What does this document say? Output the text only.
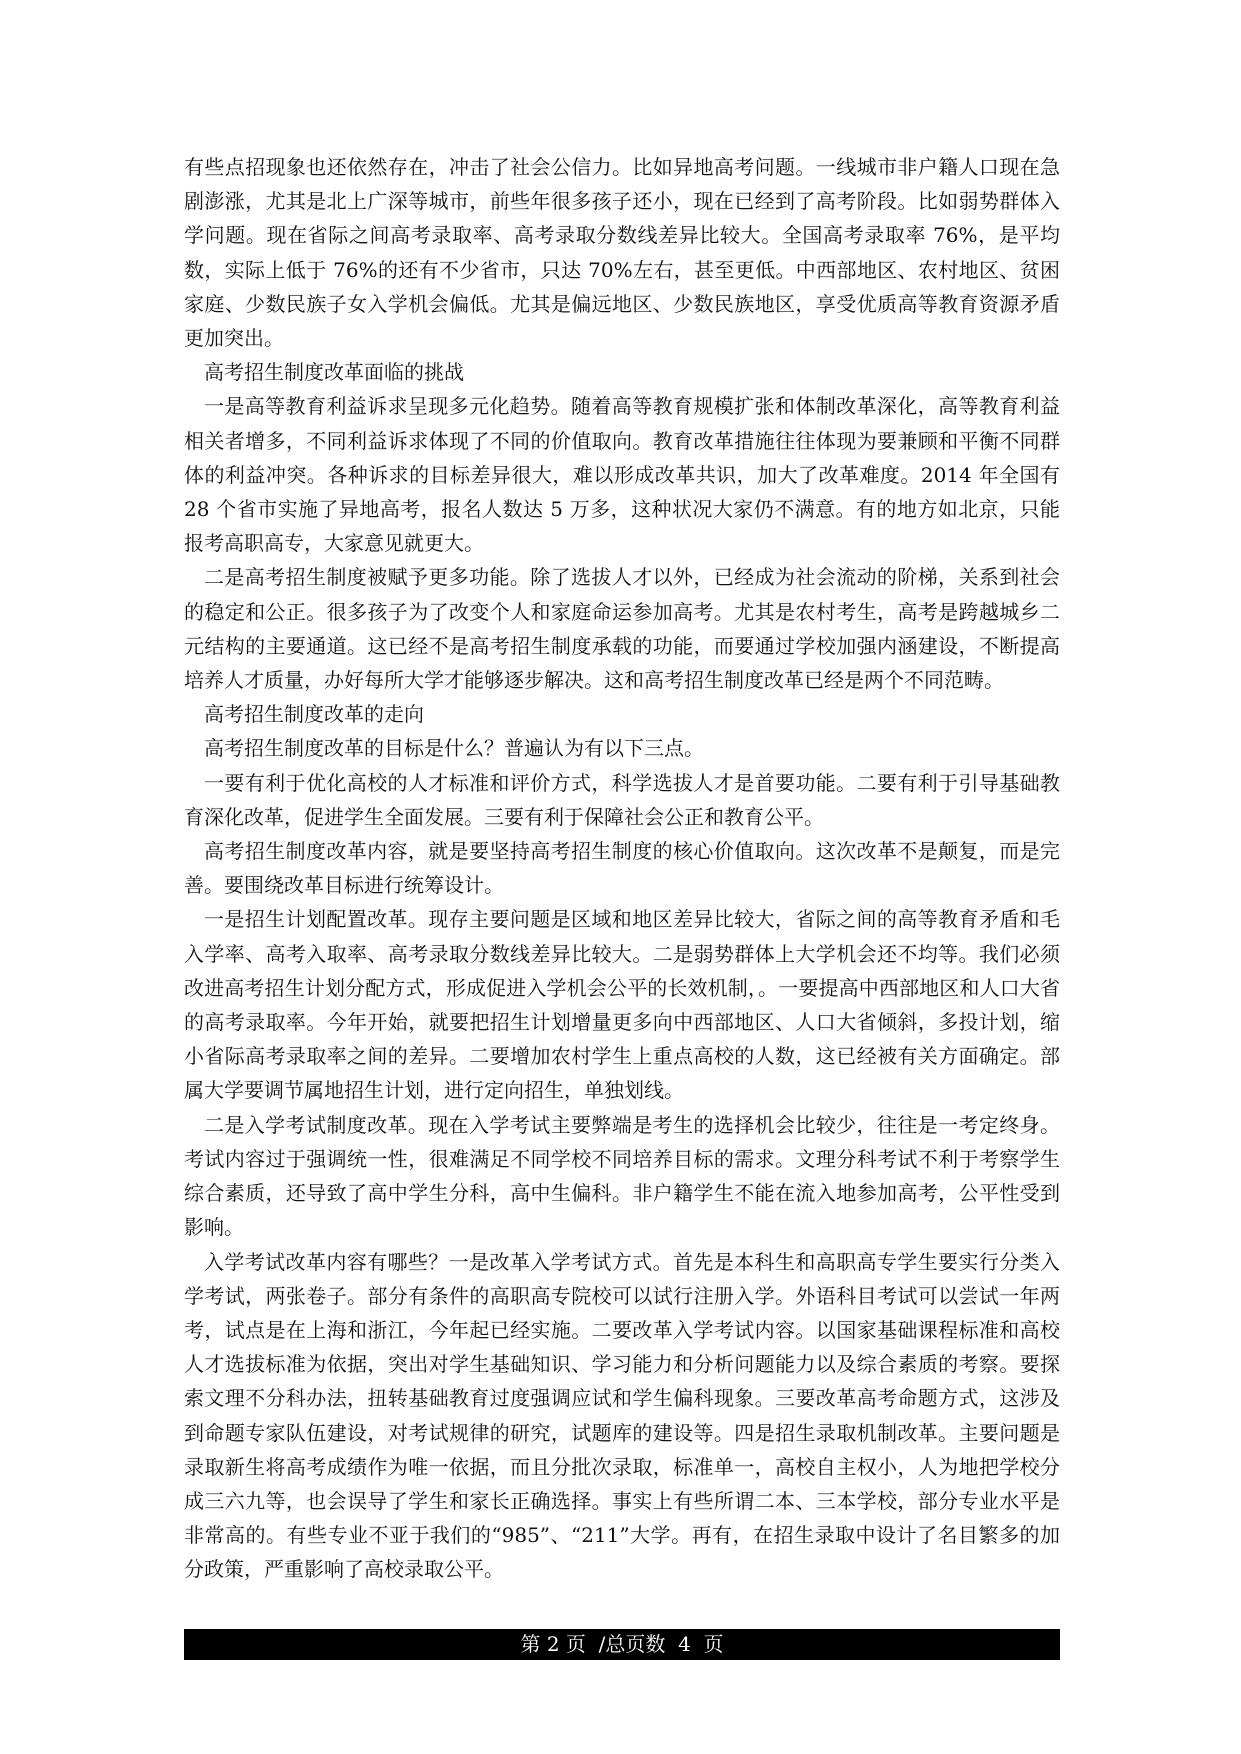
有些点招现象也还依然存在，冲击了社会公信力。比如异地高考问题。一线城市非户籍人口现在急剧澎涨，尤其是北上广深等城市，前些年很多孩子还小，现在已经到了高考阶段。比如弱势群体入学问题。现在省际之间高考录取率、高考录取分数线差异比较大。全国高考录取率 76%，是平均数，实际上低于 76%的还有不少省市，只达 70%左右，甚至更低。中西部地区、农村地区、贫困家庭、少数民族子女入学机会偏低。尤其是偏远地区、少数民族地区，享受优质高等教育资源矛盾更加突出。

高考招生制度改革面临的挑战

一是高等教育利益诉求呈现多元化趋势。随着高等教育规模扩张和体制改革深化，高等教育利益相关者增多，不同利益诉求体现了不同的价值取向。教育改革措施往往体现为要兼顾和平衡不同群体的利益冲突。各种诉求的目标差异很大，难以形成改革共识，加大了改革难度。2014 年全国有 28 个省市实施了异地高考，报名人数达 5 万多，这种状况大家仍不满意。有的地方如北京，只能报考高职高专，大家意见就更大。

二是高考招生制度被赋予更多功能。除了选拔人才以外，已经成为社会流动的阶梯，关系到社会的稳定和公正。很多孩子为了改变个人和家庭命运参加高考。尤其是农村考生，高考是跨越城乡二元结构的主要通道。这已经不是高考招生制度承载的功能，而要通过学校加强内涵建设，不断提高培养人才质量，办好每所大学才能够逐步解决。这和高考招生制度改革已经是两个不同范畴。

高考招生制度改革的走向

高考招生制度改革的目标是什么？普遍认为有以下三点。

一要有利于优化高校的人才标准和评价方式，科学选拔人才是首要功能。二要有利于引导基础教育深化改革，促进学生全面发展。三要有利于保障社会公正和教育公平。

高考招生制度改革内容，就是要坚持高考招生制度的核心价值取向。这次改革不是颠复，而是完善。要围绕改革目标进行统筹设计。

一是招生计划配置改革。现存主要问题是区域和地区差异比较大，省际之间的高等教育矛盾和毛入学率、高考入取率、高考录取分数线差异比较大。二是弱势群体上大学机会还不均等。我们必须改进高考招生计划分配方式，形成促进入学机会公平的长效机制，。一要提高中西部地区和人口大省的高考录取率。今年开始，就要把招生计划增量更多向中西部地区、人口大省倾斜，多投计划，缩小省际高考录取率之间的差异。二要增加农村学生上重点高校的人数，这已经被有关方面确定。部属大学要调节属地招生计划，进行定向招生，单独划线。

二是入学考试制度改革。现在入学考试主要弊端是考生的选择机会比较少，往往是一考定终身。考试内容过于强调统一性，很难满足不同学校不同培养目标的需求。文理分科考试不利于考察学生综合素质，还导致了高中学生分科，高中生偏科。非户籍学生不能在流入地参加高考，公平性受到影响。

入学考试改革内容有哪些？一是改革入学考试方式。首先是本科生和高职高专学生要实行分类入学考试，两张卷子。部分有条件的高职高专院校可以试行注册入学。外语科目考试可以尝试一年两考，试点是在上海和浙江，今年起已经实施。二要改革入学考试内容。以国家基础课程标准和高校人才选拔标准为依据，突出对学生基础知识、学习能力和分析问题能力以及综合素质的考察。要探索文理不分科办法，扭转基础教育过度强调应试和学生偏科现象。三要改革高考命题方式，这涉及到命题专家队伍建设，对考试规律的研究，试题库的建设等。四是招生录取机制改革。主要问题是录取新生将高考成绩作为唯一依据，而且分批次录取，标准单一，高校自主权小，人为地把学校分成三六九等，也会误导了学生和家长正确选择。事实上有些所谓二本、三本学校，部分专业水平是非常高的。有些专业不亚于我们的“985”、“211”大学。再有，在招生录取中设计了名目繁多的加分政策，严重影响了高校录取公平。

第 2 页  /总页数  4  页
